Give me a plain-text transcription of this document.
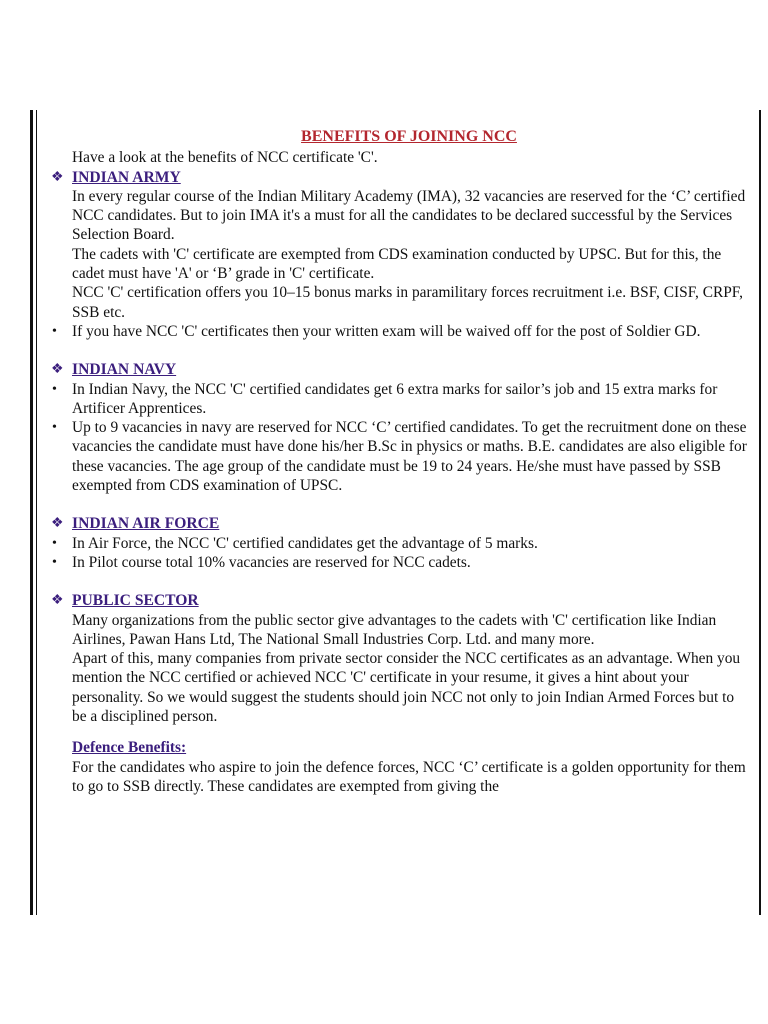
BENEFITS OF JOINING NCC

Have a look at the benefits of NCC certificate 'C'.

❖ INDIAN ARMY

In every regular course of the Indian Military Academy (IMA), 32 vacancies are reserved for the ‘C’ certified NCC candidates. But to join IMA it's a must for all the candidates to be declared successful by the Services Selection Board.

The cadets with 'C' certificate are exempted from CDS examination conducted by UPSC. But for this, the cadet must have 'A' or ‘B’ grade in 'C' certificate.

NCC 'C' certification offers you 10–15 bonus marks in paramilitary forces recruitment i.e. BSF, CISF, CRPF, SSB etc.

• If you have NCC 'C' certificates then your written exam will be waived off for the post of Soldier GD.
❖ INDIAN NAVY
• In Indian Navy, the NCC 'C' certified candidates get 6 extra marks for sailor’s job and 15 extra marks for Artificer Apprentices.
• Up to 9 vacancies in navy are reserved for NCC ‘C’ certified candidates. To get the recruitment done on these vacancies the candidate must have done his/her B.Sc in physics or maths. B.E. candidates are also eligible for these vacancies. The age group of the candidate must be 19 to 24 years. He/she must have passed by SSB exempted from CDS examination of UPSC.
❖ INDIAN AIR FORCE
• In Air Force, the NCC 'C' certified candidates get the advantage of 5 marks.
• In Pilot course total 10% vacancies are reserved for NCC cadets.
❖ PUBLIC SECTOR

Many organizations from the public sector give advantages to the cadets with 'C' certification like Indian Airlines, Pawan Hans Ltd, The National Small Industries Corp. Ltd. and many more.

Apart of this, many companies from private sector consider the NCC certificates as an advantage. When you mention the NCC certified or achieved NCC 'C' certificate in your resume, it gives a hint about your personality. So we would suggest the students should join NCC not only to join Indian Armed Forces but to be a disciplined person.

Defence Benefits:

For the candidates who aspire to join the defence forces, NCC ‘C’ certificate is a golden opportunity for them to go to SSB directly. These candidates are exempted from giving the
